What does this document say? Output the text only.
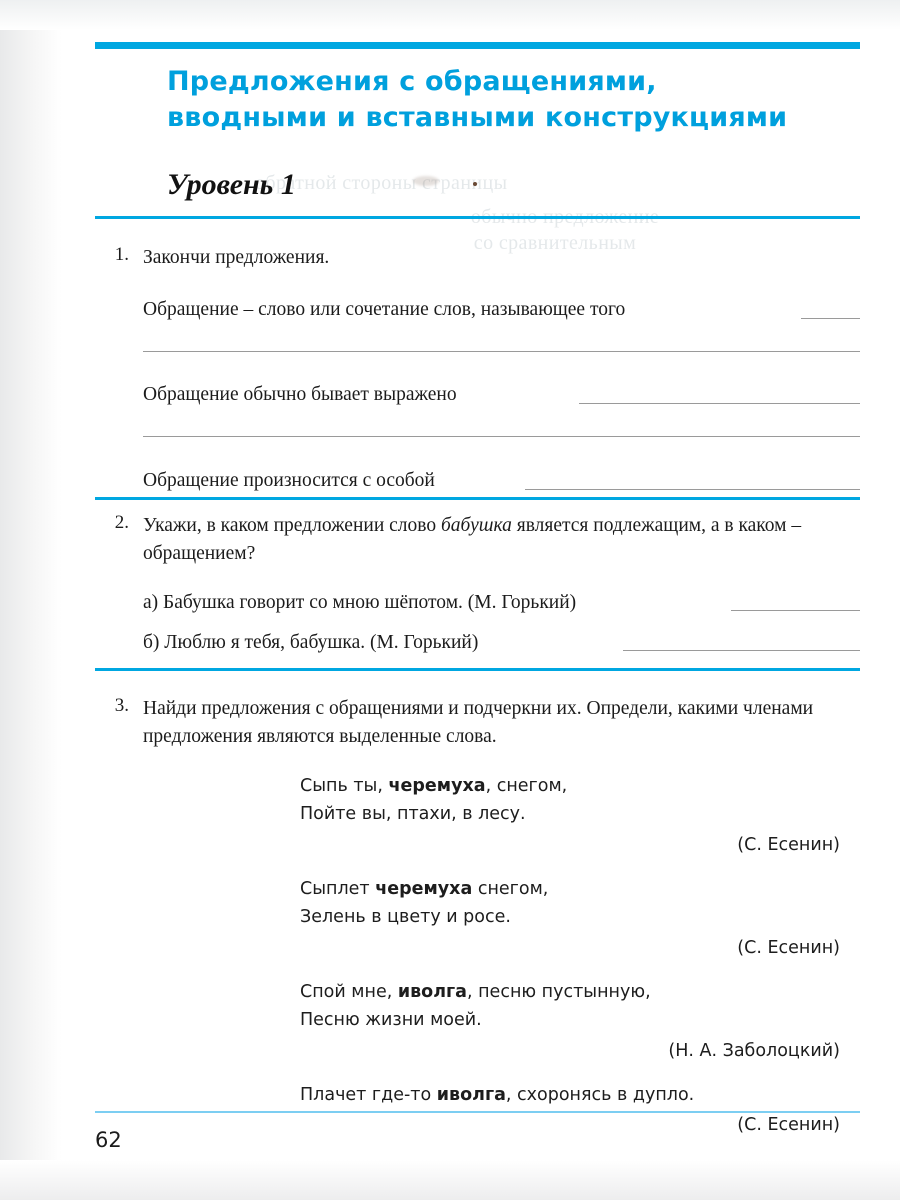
Предложения с обращениями,
вводными и вставными конструкциями
обратной стороны страницы
обычно предложение
со сравнительным
Уровень 1
1. Закончи предложения.
Обращение – слово или сочетание слов, называющее того
Обращение обычно бывает выражено
Обращение произносится с особой
2. Укажи, в каком предложении слово бабушка является подлежащим, а в каком – обращением?
а) Бабушка говорит со мною шёпотом. (М. Горький)
б) Люблю я тебя, бабушка. (М. Горький)
3. Найди предложения с обращениями и подчеркни их. Определи, какими членами предложения являются выделенные слова.
Сыпь ты, черемуха, снегом,
Пойте вы, птахи, в лесу.
(С. Есенин)
Сыплет черемуха снегом,
Зелень в цвету и росе.
(С. Есенин)
Спой мне, иволга, песню пустынную,
Песню жизни моей.
(Н. А. Заболоцкий)
Плачет где-то иволга, схоронясь в дупло.
(С. Есенин)
62
